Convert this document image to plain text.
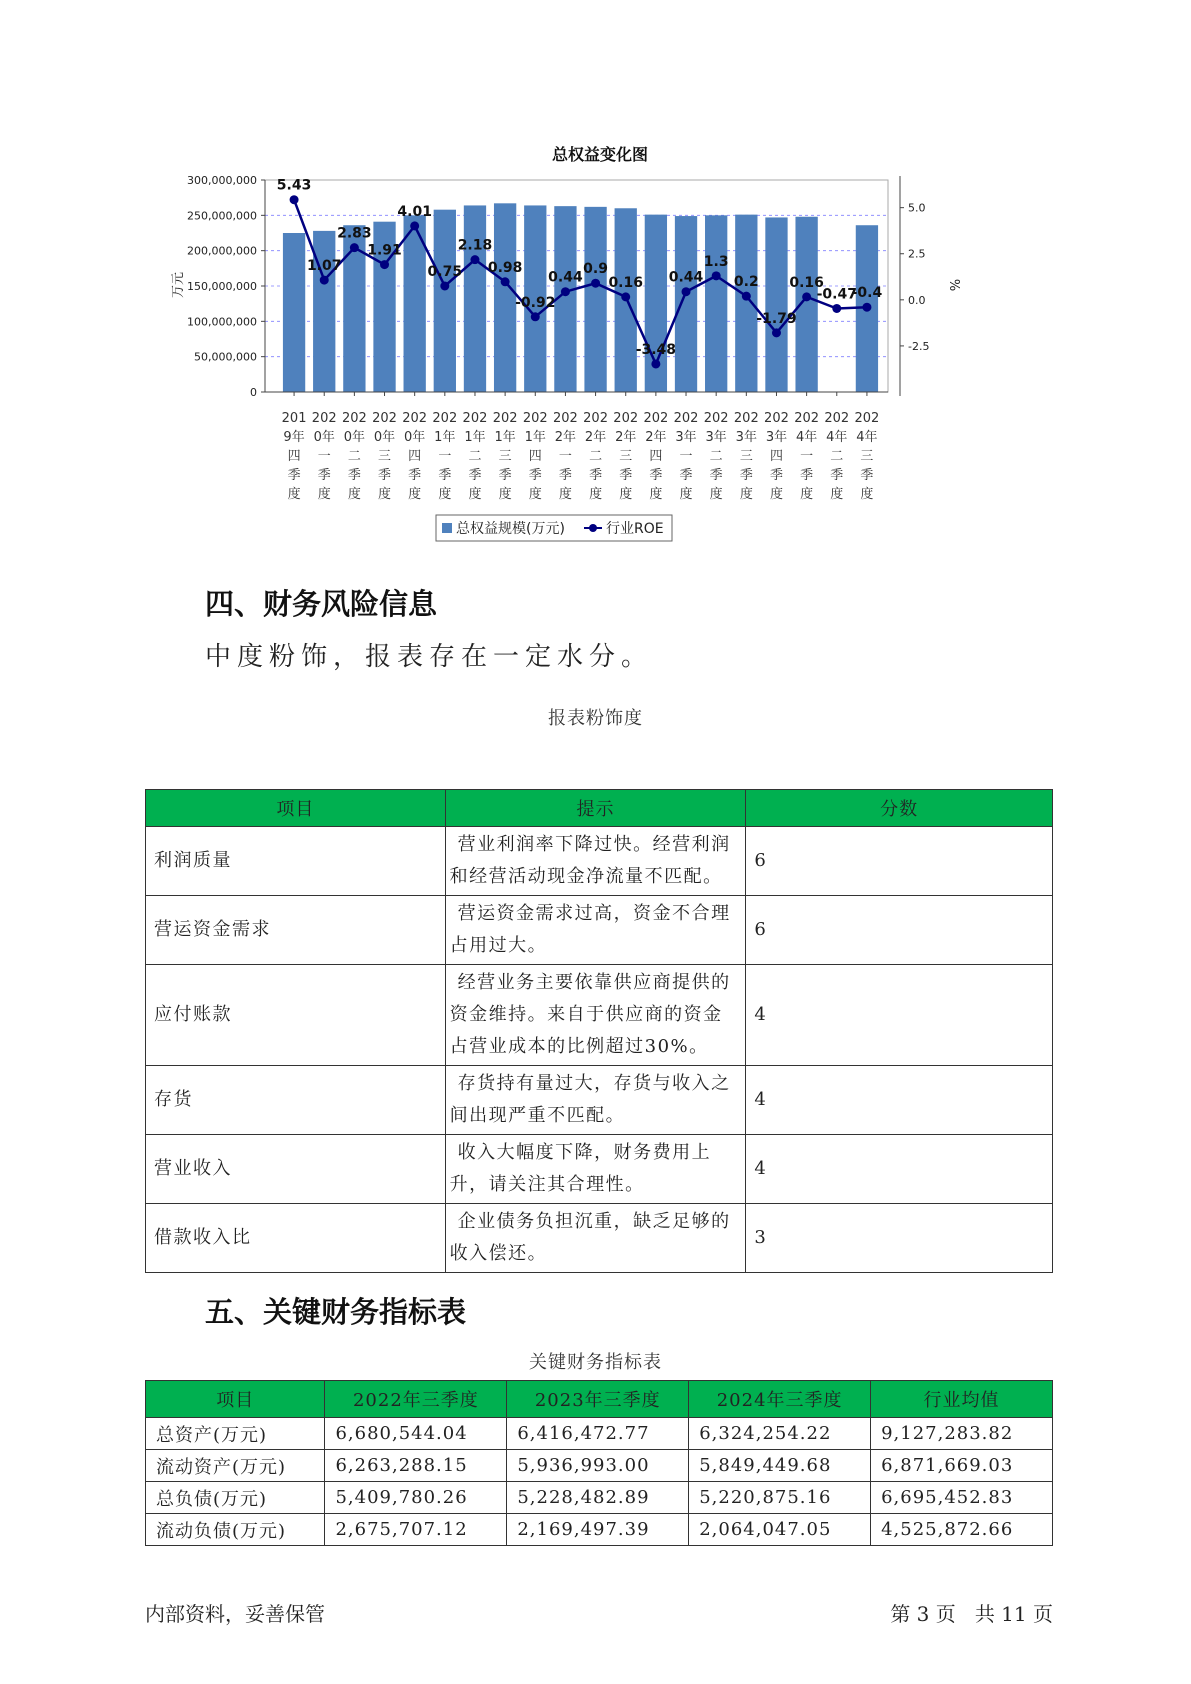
总权益变化图
300,000,000
250,000,000
200,000,000
150,000,000
100,000,000
50,000,000
0
5.0
2.5
0.0
-2.5
5.43
1.07
2.83
1.91
4.01
0.75
2.18
0.98
-0.92
0.44
0.9
0.16
-3.48
0.44
1.3
0.2
-1.79
0.16
-0.47
-0.4
201
9年
四
季
度
202
0年
一
季
度
202
0年
二
季
度
202
0年
三
季
度
202
0年
四
季
度
202
1年
一
季
度
202
1年
二
季
度
202
1年
三
季
度
202
1年
四
季
度
202
2年
一
季
度
202
2年
二
季
度
202
2年
三
季
度
202
2年
四
季
度
202
3年
一
季
度
202
3年
二
季
度
202
3年
三
季
度
202
3年
四
季
度
202
4年
一
季
度
202
4年
二
季
度
202
4年
三
季
度
万元	%
总权益规模(万元)	行业ROE
四、财务风险信息
中度粉饰，报表存在一定水分。
报表粉饰度
项目	提示	分数
利润质量	营业利润率下降过快。经营利润和经营活动现金净流量不匹配。	6
营运资金需求	营运资金需求过高，资金不合理占用过大。	6
应付账款	经营业务主要依靠供应商提供的资金维持。来自于供应商的资金占营业成本的比例超过30%。	4
存货	存货持有量过大，存货与收入之间出现严重不匹配。	4
营业收入	收入大幅度下降，财务费用上升，请关注其合理性。	4
借款收入比	企业债务负担沉重，缺乏足够的收入偿还。	3
五、关键财务指标表
关键财务指标表
项目	2022年三季度	2023年三季度	2024年三季度	行业均值
总资产(万元)	6,680,544.04	6,416,472.77	6,324,254.22	9,127,283.82
流动资产(万元)	6,263,288.15	5,936,993.00	5,849,449.68	6,871,669.03
总负债(万元)	5,409,780.26	5,228,482.89	5,220,875.16	6,695,452.83
流动负债(万元)	2,675,707.12	2,169,497.39	2,064,047.05	4,525,872.66
内部资料，妥善保管	第 3 页   共 11 页
